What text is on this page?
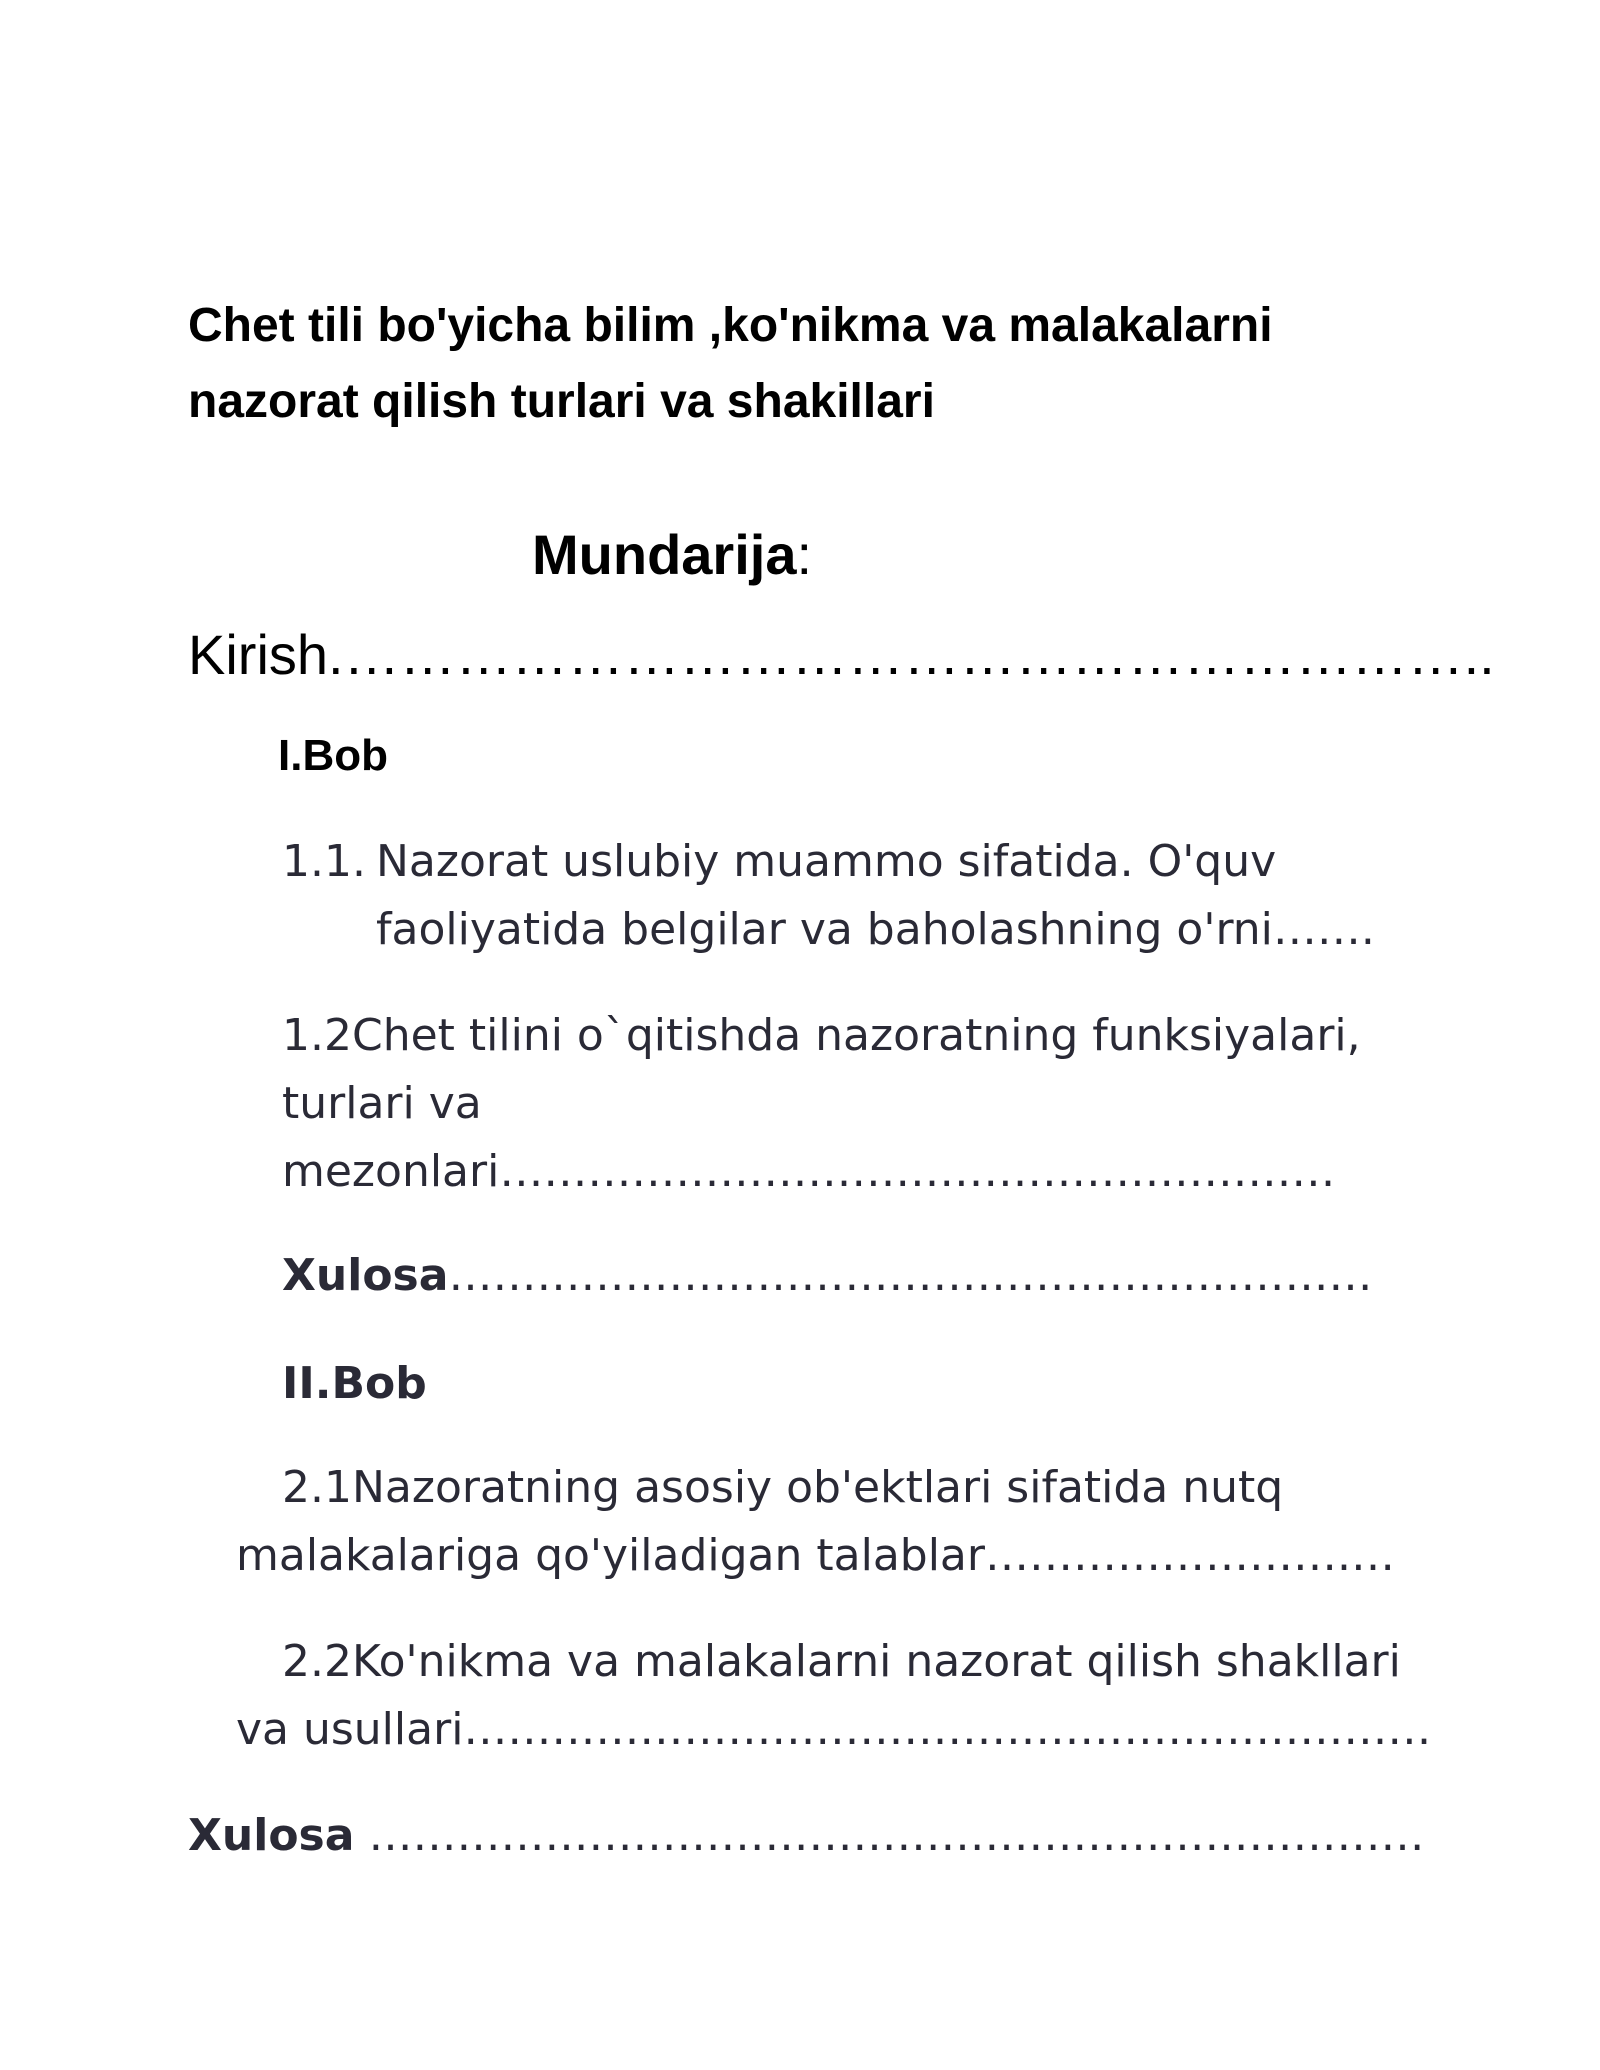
Chet tili bo'yicha bilim ,ko'nikma va malakalarni
nazorat qilish turlari va shakillari
Mundarija:
Kirish.……………………………………………………..
I.Bob
1.1. Nazorat uslubiy muammo sifatida. O'quv
faoliyatida belgilar va baholashning o'rni…….
1.2Chet tilini o`qitishda nazoratning funksiyalari,
turlari va
mezonlari…………………………………………………
Xulosa………………………………………………………
II.Bob
2.1Nazoratning asosiy ob'ektlari sifatida nutq
malakalariga qo'yiladigan talablar…………………….…
2.2Ko'nikma va malakalarni nazorat qilish shakllari
va usullari…………………………………………………………
Xulosa ………………………………………………………………
